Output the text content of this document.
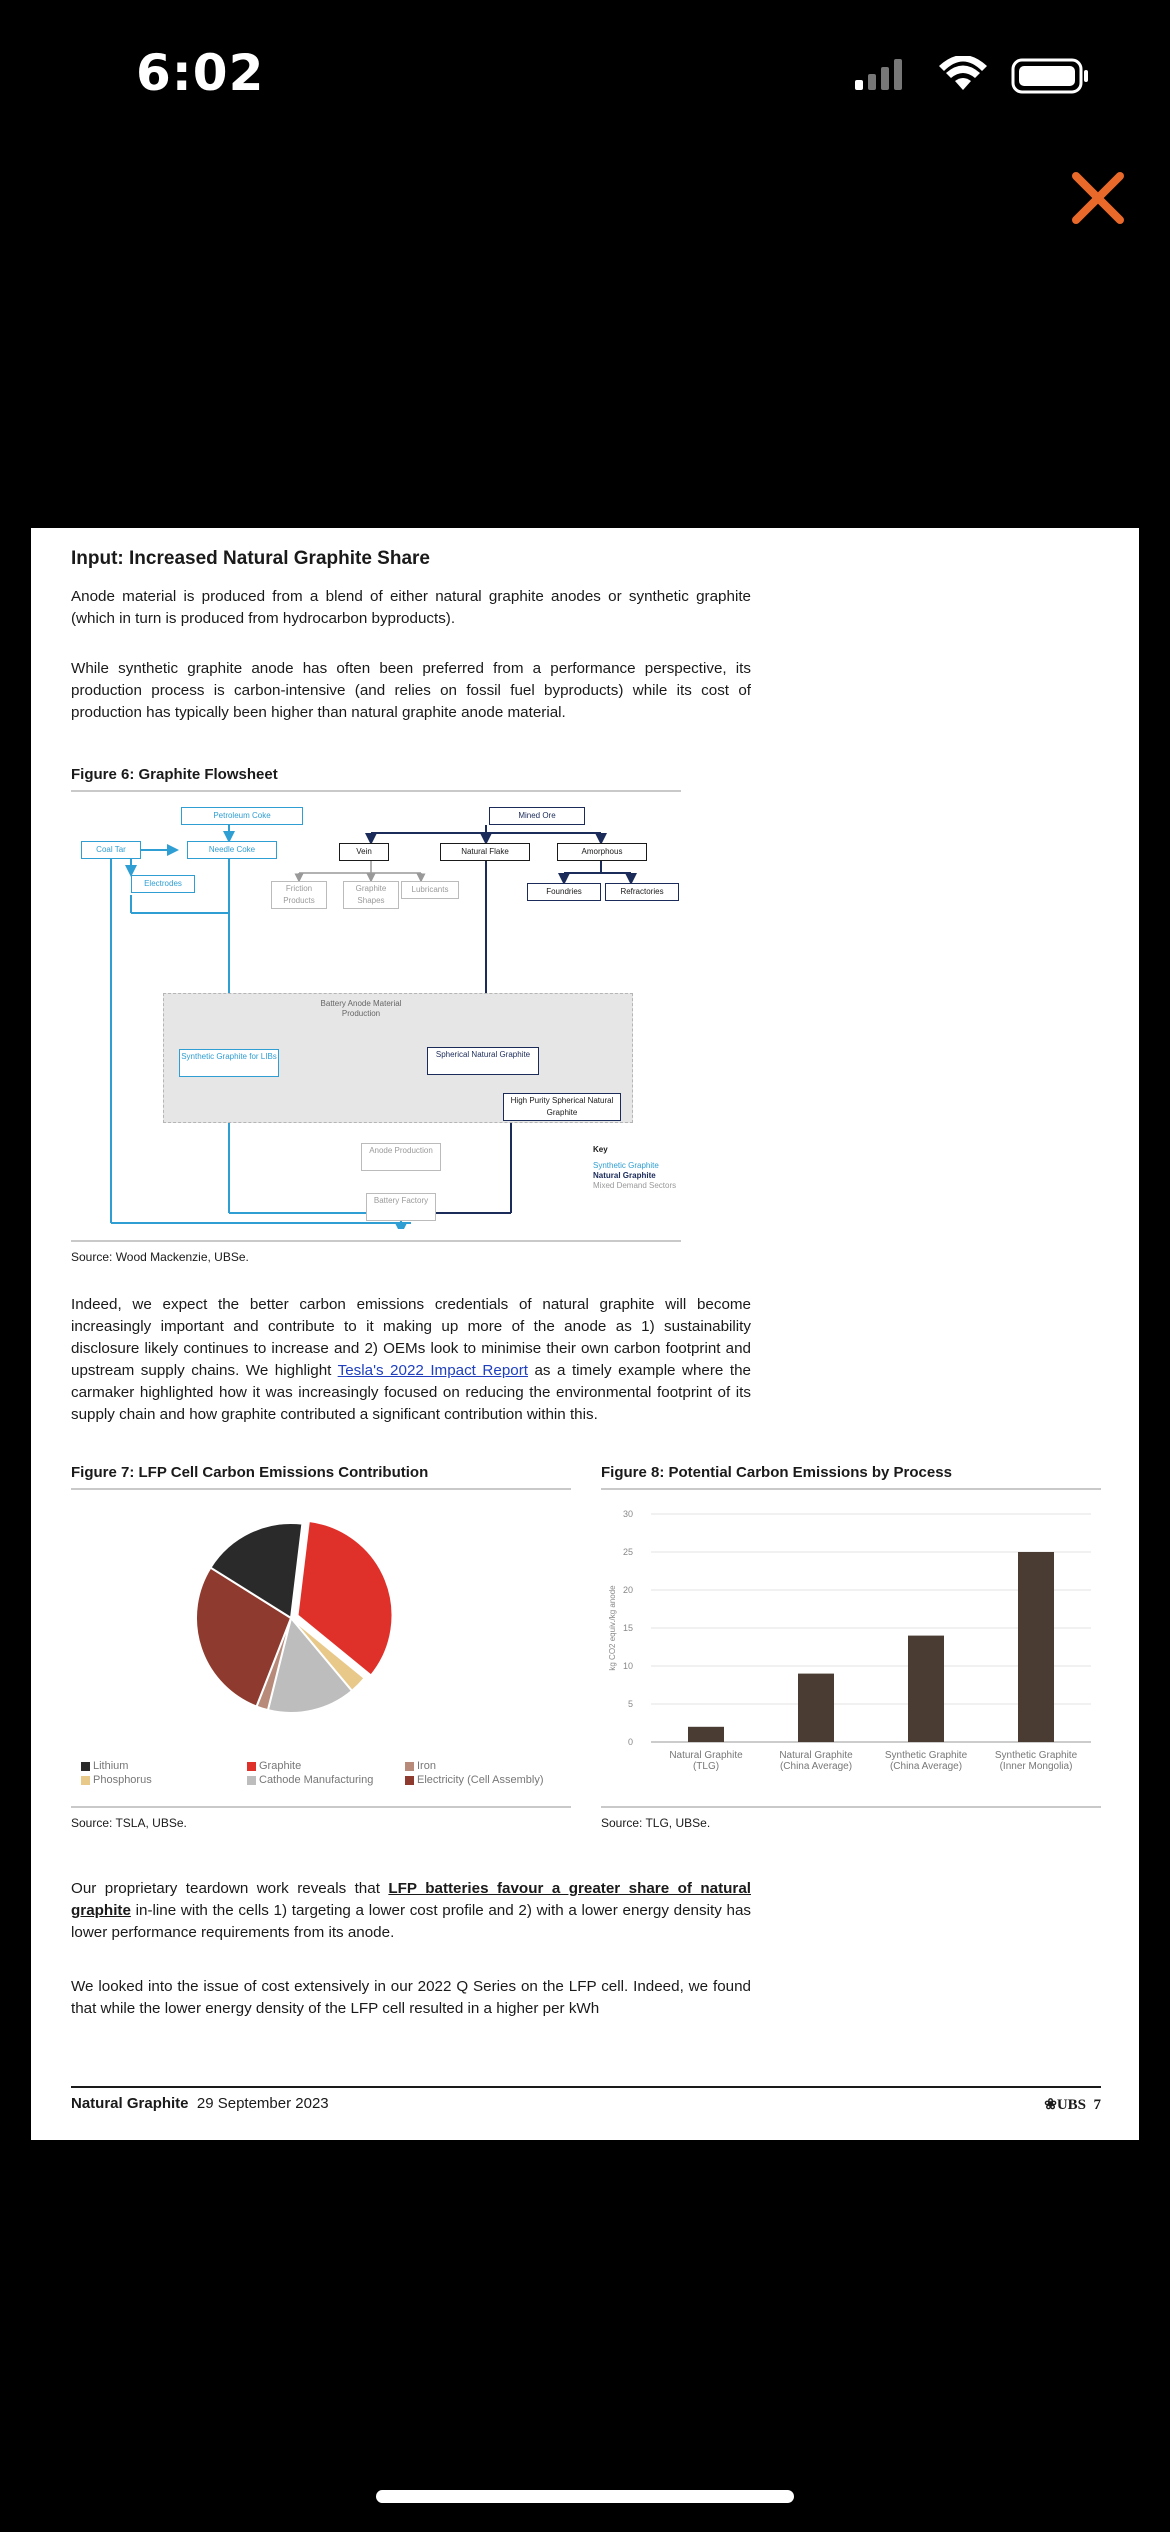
6:02
Input: Increased Natural Graphite Share
Anode material is produced from a blend of either natural graphite anodes or synthetic graphite (which in turn is produced from hydrocarbon byproducts).
While synthetic graphite anode has often been preferred from a performance perspective, its production process is carbon-intensive (and relies on fossil fuel byproducts) while its cost of production has typically been higher than natural graphite anode material.
Figure 6: Graphite Flowsheet
Battery Anode Material Production
Petroleum Coke	Mined Ore
Coal Tar	Needle Coke	Vein	Natural Flake	Amorphous
Electrodes
Friction Products
Graphite Shapes
Lubricants	Foundries	Refractories
Synthetic Graphite for LIBs	Spherical Natural Graphite
High Purity Spherical Natural Graphite
Anode Production
Battery Factory
Key
Synthetic Graphite
Natural Graphite
Mixed Demand Sectors
Source: Wood Mackenzie, UBSe.
Indeed, we expect the better carbon emissions credentials of natural graphite will become increasingly important and contribute to it making up more of the anode as 1) sustainability disclosure likely continues to increase and 2) OEMs look to minimise their own carbon footprint and upstream supply chains. We highlight Tesla's 2022 Impact Report as a timely example where the carmaker highlighted how it was increasingly focused on reducing the environmental footprint of its supply chain and how graphite contributed a significant contribution within this.
Figure 7: LFP Cell Carbon Emissions Contribution
Lithium	Graphite	Iron
Phosphorus	Cathode Manufacturing	Electricity (Cell Assembly)
Source: TSLA, UBSe.
Figure 8: Potential Carbon Emissions by Process
0
5
10
15
20
25
30
kg CO2 equiv./kg anode
Natural Graphite
(TLG)
Natural Graphite
(China Average)
Synthetic Graphite
(China Average)
Synthetic Graphite
(Inner Mongolia)
Source: TLG, UBSe.
Our proprietary teardown work reveals that LFP batteries favour a greater share of natural graphite in-line with the cells 1) targeting a lower cost profile and 2) with a lower energy density has lower performance requirements from its anode.
We looked into the issue of cost extensively in our 2022 Q Series on the LFP cell. Indeed, we found that while the lower energy density of the LFP cell resulted in a higher per kWh
Natural Graphite 29 September 2023	❀UBS 7
